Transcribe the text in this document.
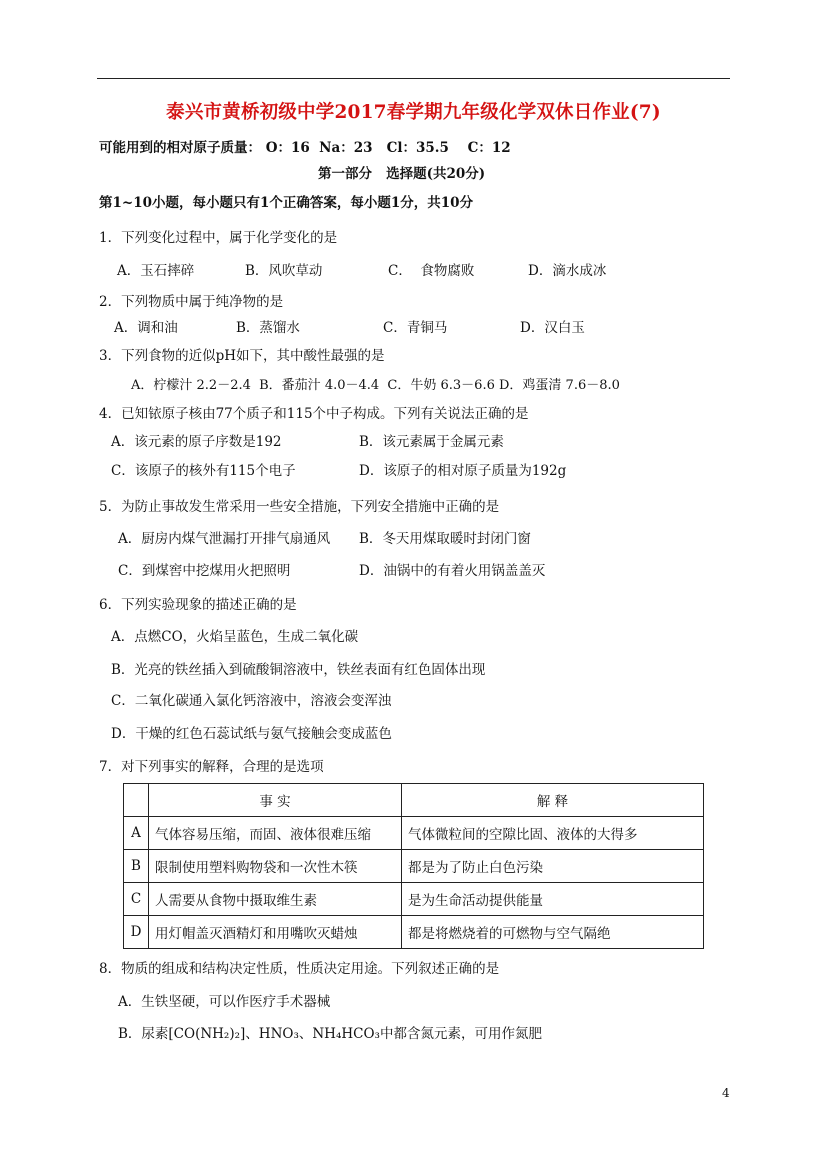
泰兴市黄桥初级中学2017春学期九年级化学双休日作业(7)
可能用到的相对原子质量： O：16  Na：23   Cl：35.5    C：12
第一部分   选择题(共20分)
第1~10小题，每小题只有1个正确答案，每小题1分，共10分
1．下列变化过程中，属于化学变化的是
A．玉石摔碎	B．风吹草动	C．  食物腐败	D．滴水成冰
2．下列物质中属于纯净物的是
A．调和油	B．蒸馏水	C．青铜马	D．汉白玉
3．下列食物的近似pH如下，其中酸性最强的是
A．柠檬汁 2.2－2.4  B．番茄汁 4.0－4.4  C．牛奶 6.3－6.6 D．鸡蛋清 7.6－8.0
4．已知铱原子核由77个质子和115个中子构成。下列有关说法正确的是
A．该元素的原子序数是192	B．该元素属于金属元素
C．该原子的核外有115个电子	D．该原子的相对原子质量为192g
5．为防止事故发生常采用一些安全措施，下列安全措施中正确的是
A．厨房内煤气泄漏打开排气扇通风 B．冬天用煤取暖时封闭门窗
C．到煤窖中挖煤用火把照明	D．油锅中的有着火用锅盖盖灭
6．下列实验现象的描述正确的是
A．点燃CO，火焰呈蓝色，生成二氧化碳
B．光亮的铁丝插入到硫酸铜溶液中，铁丝表面有红色固体出现
C．二氧化碳通入氯化钙溶液中，溶液会变浑浊
D．干燥的红色石蕊试纸与氨气接触会变成蓝色
7．对下列事实的解释，合理的是选项
	事 实	解 释
A	气体容易压缩，而固、液体很难压缩	气体微粒间的空隙比固、液体的大得多
B	限制使用塑料购物袋和一次性木筷	都是为了防止白色污染
C	人需要从食物中摄取维生素	是为生命活动提供能量
D	用灯帽盖灭酒精灯和用嘴吹灭蜡烛	都是将燃烧着的可燃物与空气隔绝
8．物质的组成和结构决定性质，性质决定用途。下列叙述正确的是
A．生铁坚硬，可以作医疗手术器械
B．尿素[CO(NH₂)₂]、HNO₃、NH₄HCO₃中都含氮元素，可用作氮肥
4
